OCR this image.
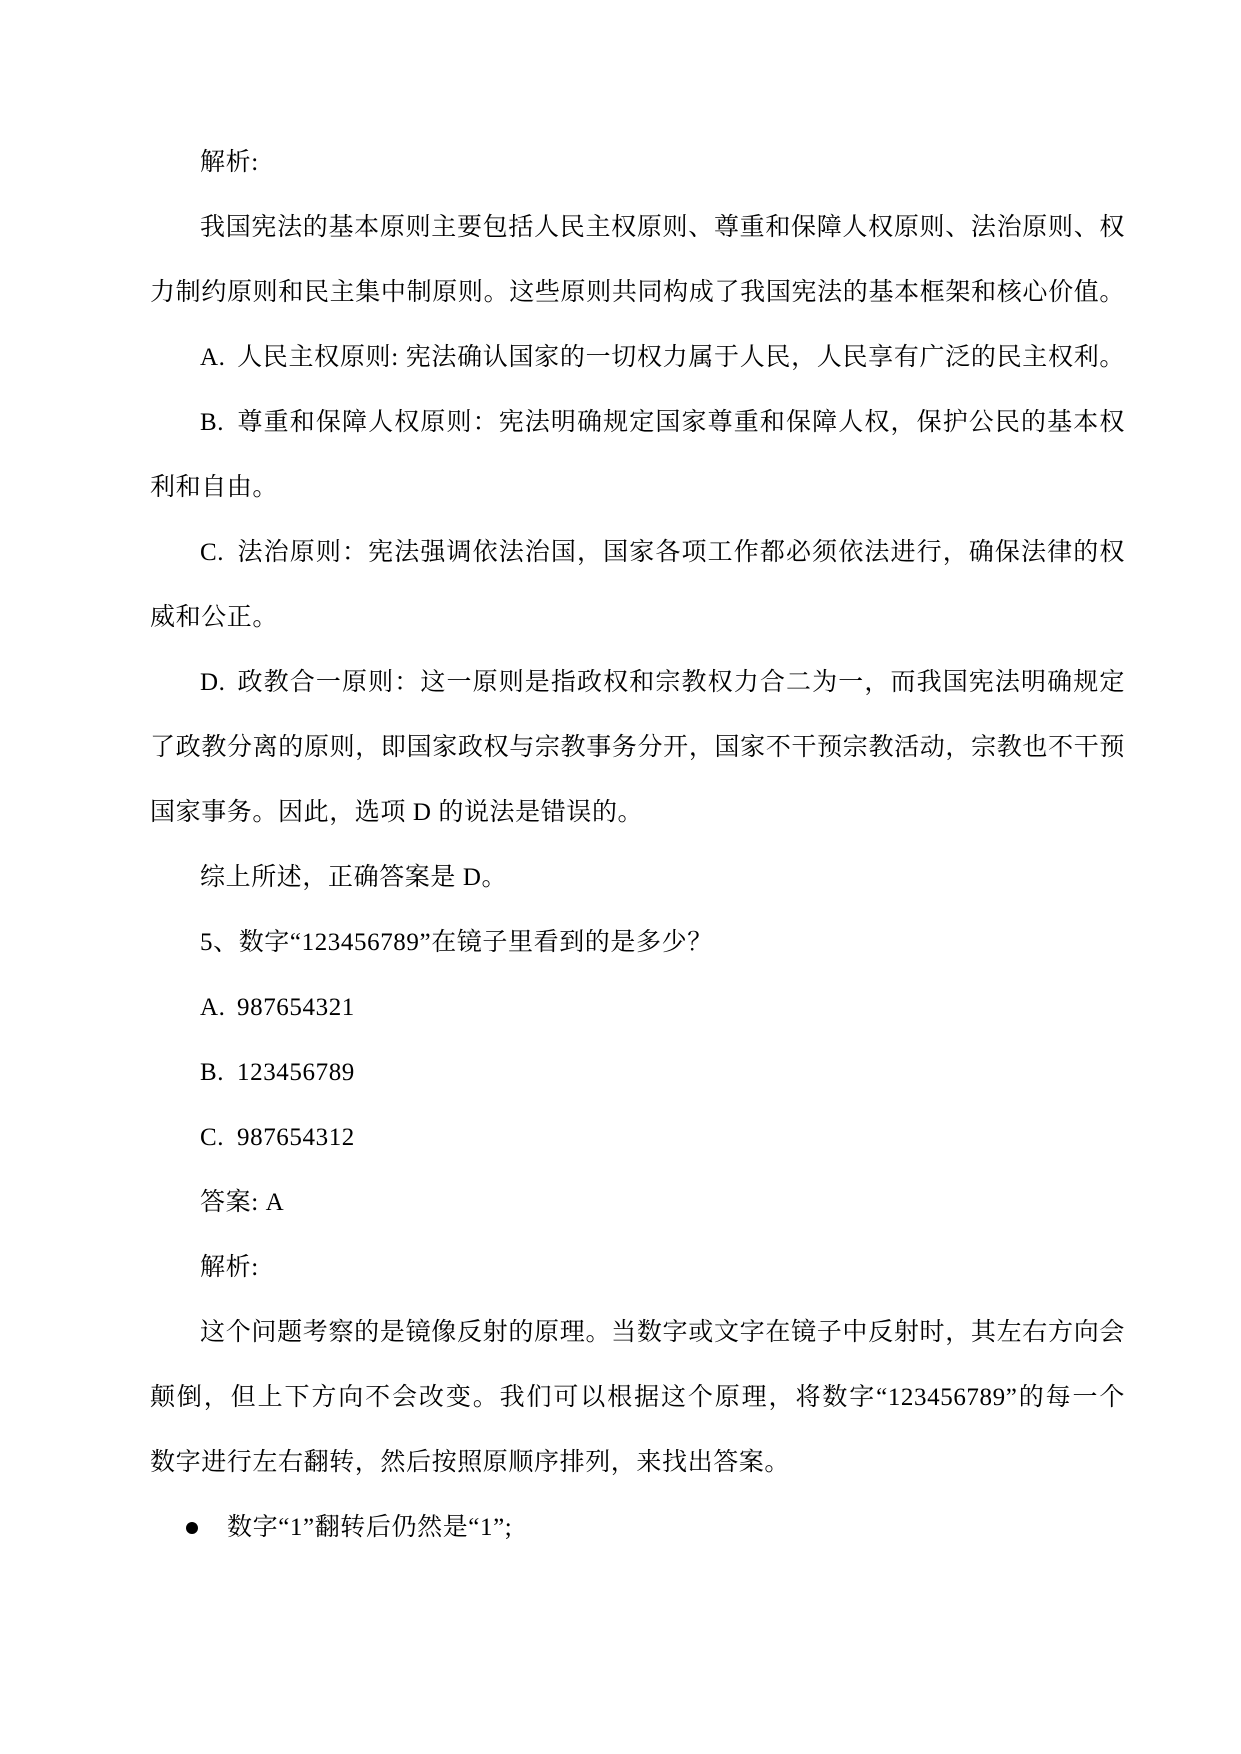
解析:
我国宪法的基本原则主要包括人民主权原则、尊重和保障人权原则、法治原则、权
力制约原则和民主集中制原则。这些原则共同构成了我国宪法的基本框架和核心价值。
A. 人民主权原则: 宪法确认国家的一切权力属于人民，人民享有广泛的民主权利。
B. 尊重和保障人权原则：宪法明确规定国家尊重和保障人权，保护公民的基本权
利和自由。
C. 法治原则：宪法强调依法治国，国家各项工作都必须依法进行，确保法律的权
威和公正。
D. 政教合一原则：这一原则是指政权和宗教权力合二为一，而我国宪法明确规定
了政教分离的原则，即国家政权与宗教事务分开，国家不干预宗教活动，宗教也不干预
国家事务。因此，选项 D 的说法是错误的。
综上所述，正确答案是 D。
5、数字“123456789”在镜子里看到的是多少？
A. 987654321
B. 123456789
C. 987654312
答案: A
解析:
这个问题考察的是镜像反射的原理。当数字或文字在镜子中反射时，其左右方向会
颠倒，但上下方向不会改变。我们可以根据这个原理，将数字“123456789”的每一个
数字进行左右翻转，然后按照原顺序排列，来找出答案。
数字“1”翻转后仍然是“1”;
